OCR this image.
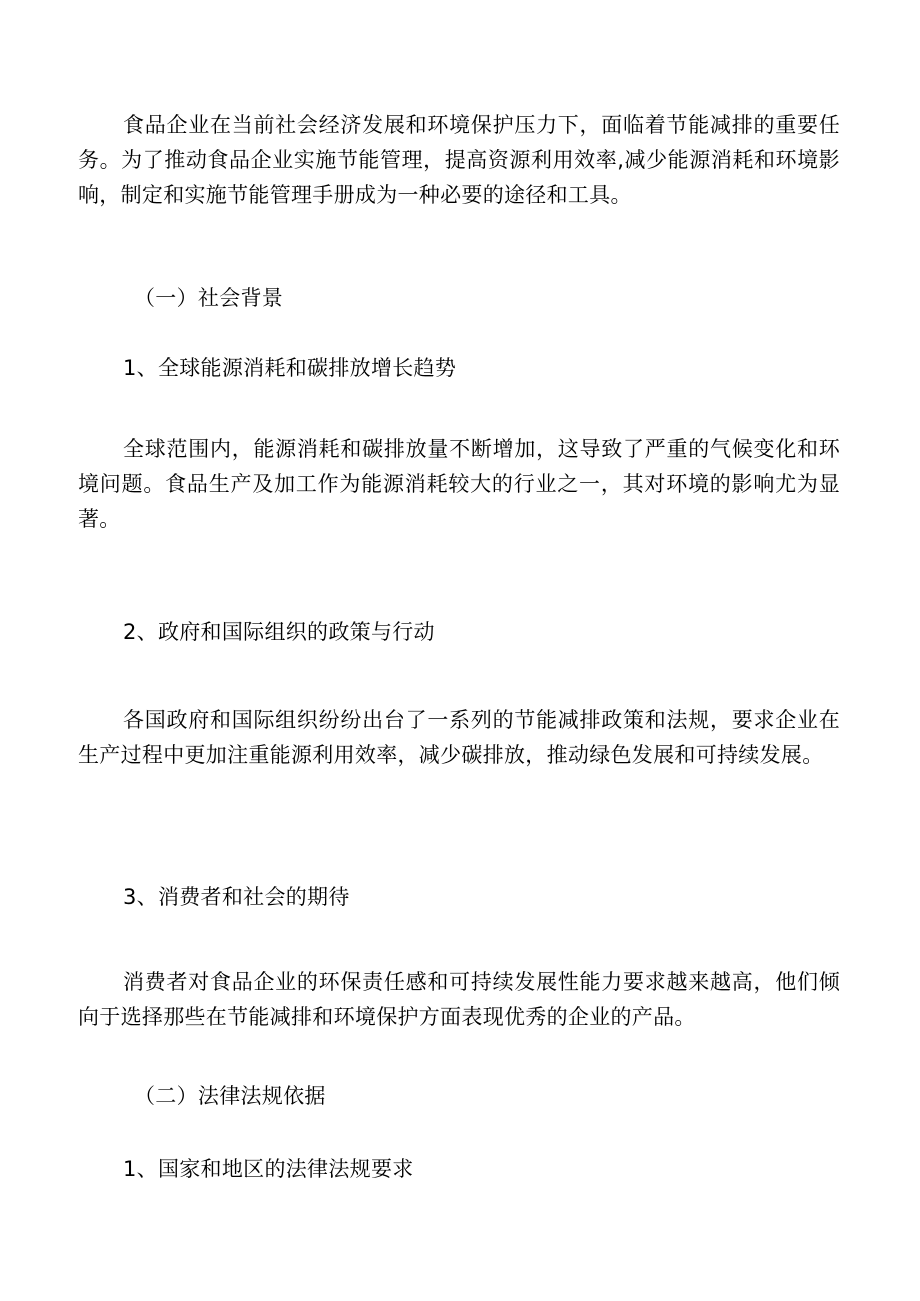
食品企业在当前社会经济发展和环境保护压力下，面临着节能减排的重要任务。为了推动食品企业实施节能管理，提高资源利用效率,减少能源消耗和环境影响，制定和实施节能管理手册成为一种必要的途径和工具。

（一）社会背景

1、全球能源消耗和碳排放增长趋势

全球范围内，能源消耗和碳排放量不断增加，这导致了严重的气候变化和环境问题。食品生产及加工作为能源消耗较大的行业之一，其对环境的影响尤为显著。

2、政府和国际组织的政策与行动

各国政府和国际组织纷纷出台了一系列的节能减排政策和法规，要求企业在生产过程中更加注重能源利用效率，减少碳排放，推动绿色发展和可持续发展。

3、消费者和社会的期待

消费者对食品企业的环保责任感和可持续发展性能力要求越来越高，他们倾向于选择那些在节能减排和环境保护方面表现优秀的企业的产品。

（二）法律法规依据

1、国家和地区的法律法规要求
